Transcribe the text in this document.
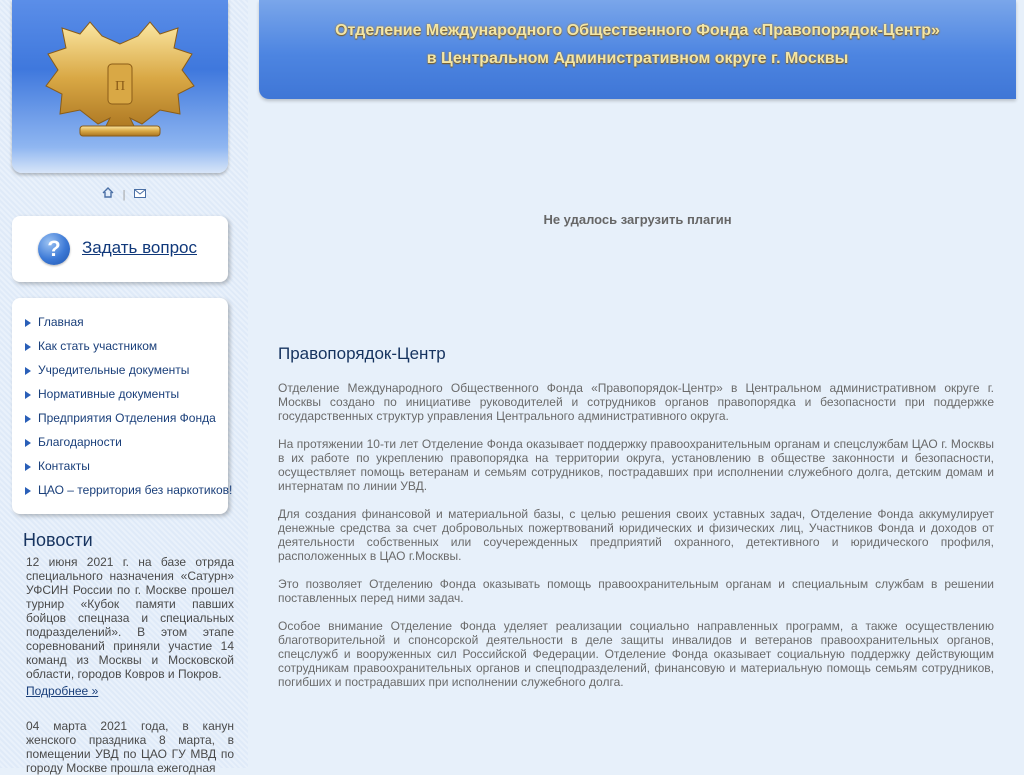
П
|
?	Задать вопрос
Главная
Как стать участником
Учредительные документы
Нормативные документы
Предприятия Отделения Фонда
Благодарности
Контакты
ЦАО – территория без наркотиков!
Новости
12 июня 2021 г. на базе отряда специального назначения «Сатурн» УФСИН России по г. Москве прошел турнир «Кубок памяти павших бойцов спецназа и специальных подразделений». В этом этапе соревнований приняли участие 14 команд из Москвы и Московской области, городов Ковров и Покров.
Подробнее »
04 марта 2021 года, в канун женского праздника 8 марта, в помещении УВД по ЦАО ГУ МВД по городу Москве прошла ежегодная
Отделение Международного Общественного Фонда «Правопорядок-Центр»
в Центральном Административном округе г. Москвы
Не удалось загрузить плагин
Правопорядок-Центр
Отделение Международного Общественного Фонда «Правопорядок-Центр» в Центральном административном округе г. Москвы создано по инициативе руководителей и сотрудников органов правопорядка и безопасности при поддержке государственных структур управления Центрального административного округа.
На протяжении 10-ти лет Отделение Фонда оказывает поддержку правоохранительным органам и спецслужбам ЦАО г. Москвы в их работе по укреплению правопорядка на территории округа, установлению в обществе законности и безопасности, осуществляет помощь ветеранам и семьям сотрудников, пострадавших при исполнении служебного долга, детским домам и интернатам по линии УВД.
Для создания финансовой и материальной базы, с целью решения своих уставных задач, Отделение Фонда аккумулирует денежные средства за счет добровольных пожертвований юридических и физических лиц, Участников Фонда и доходов от деятельности собственных или соучережденных предприятий охранного, детективного и юридического профиля, расположенных в ЦАО г.Москвы.
Это позволяет Отделению Фонда оказывать помощь правоохранительным органам и специальным службам в решении поставленных перед ними задач.
Особое внимание Отделение Фонда уделяет реализации социально направленных программ, а также осуществлению благотворительной и спонсорской деятельности в деле защиты инвалидов и ветеранов правоохранительных органов, спецслужб и вооруженных сил Российской Федерации. Отделение Фонда оказывает социальную поддержку действующим сотрудникам правоохранительных органов и спецподразделений, финансовую и материальную помощь семьям сотрудников, погибших и пострадавших при исполнении служебного долга.
